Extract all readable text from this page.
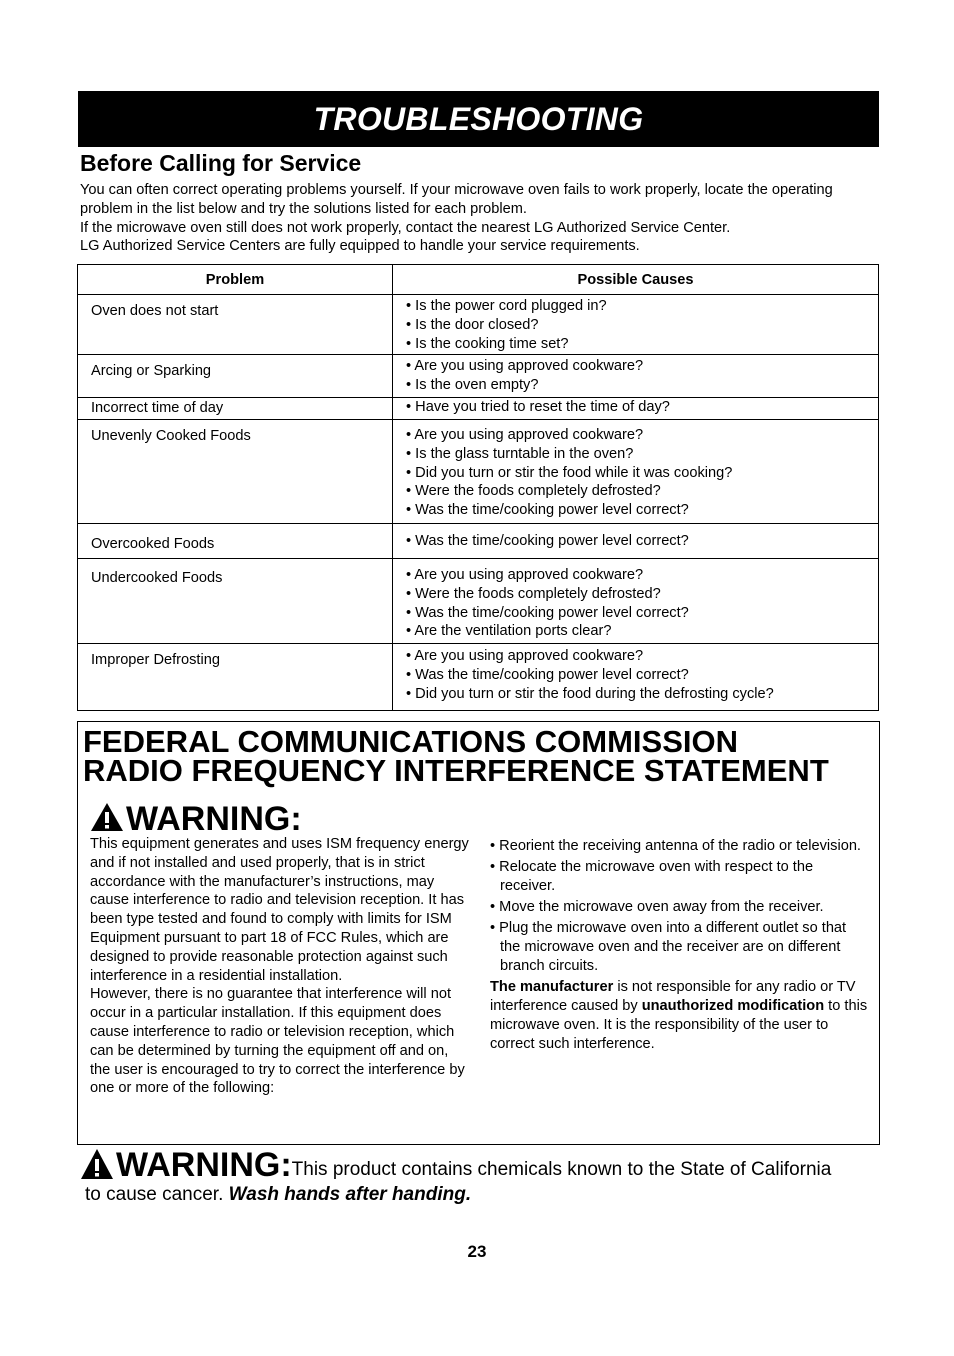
TROUBLESHOOTING
Before Calling for Service

You can often correct operating problems yourself. If your microwave oven fails to work properly, locate the operating problem in the list below and try the solutions listed for each problem.

If the microwave oven still does not work properly, contact the nearest LG Authorized Service Center.

LG Authorized Service Centers are fully equipped to handle your service requirements.

Problem	Possible Causes
Oven does not start	• Is the power cord plugged in?
• Is the door closed?
• Is the cooking time set?

Arcing or Sparking	• Are you using approved cookware?
• Is the oven empty?

Incorrect time of day	• Have you tried to reset the time of day?

Unevenly Cooked Foods	• Are you using approved cookware?
• Is the glass turntable in the oven?
• Did you turn or stir the food while it was cooking?
• Were the foods completely defrosted?
• Was the time/cooking power level correct?

Overcooked Foods	• Was the time/cooking power level correct?

Undercooked Foods	• Are you using approved cookware?
• Were the foods completely defrosted?
• Was the time/cooking power level correct?
• Are the ventilation ports clear?

Improper Defrosting	• Are you using approved cookware?
• Was the time/cooking power level correct?
• Did you turn or stir the food during the defrosting cycle?
FEDERAL COMMUNICATIONS COMMISSION
RADIO FREQUENCY INTERFERENCE STATEMENT
WARNING:

This equipment generates and uses ISM frequency energy and if not installed and used properly, that is in strict accordance with the manufacturer’s instructions, may cause interference to radio and television reception. It has been type tested and found to comply with limits for ISM Equipment pursuant to part 18 of FCC Rules, which are designed to provide reasonable protection against such interference in a residential installation.

However, there is no guarantee that interference will not occur in a particular installation. If this equipment does cause interference to radio or television reception, which can be determined by turning the equipment off and on, the user is encouraged to try to correct the interference by one or more of the following:

• Reorient the receiving antenna of the radio or television.
• Relocate the microwave oven with respect to the receiver.
• Move the microwave oven away from the receiver.
• Plug the microwave oven into a different outlet so that the microwave oven and the receiver are on different branch circuits.

The manufacturer is not responsible for any radio or TV interference caused by unauthorized modification to this microwave oven. It is the responsibility of the user to correct such interference.

WARNING: This product contains chemicals known to the State of California
to cause cancer. Wash hands after handing.
23
